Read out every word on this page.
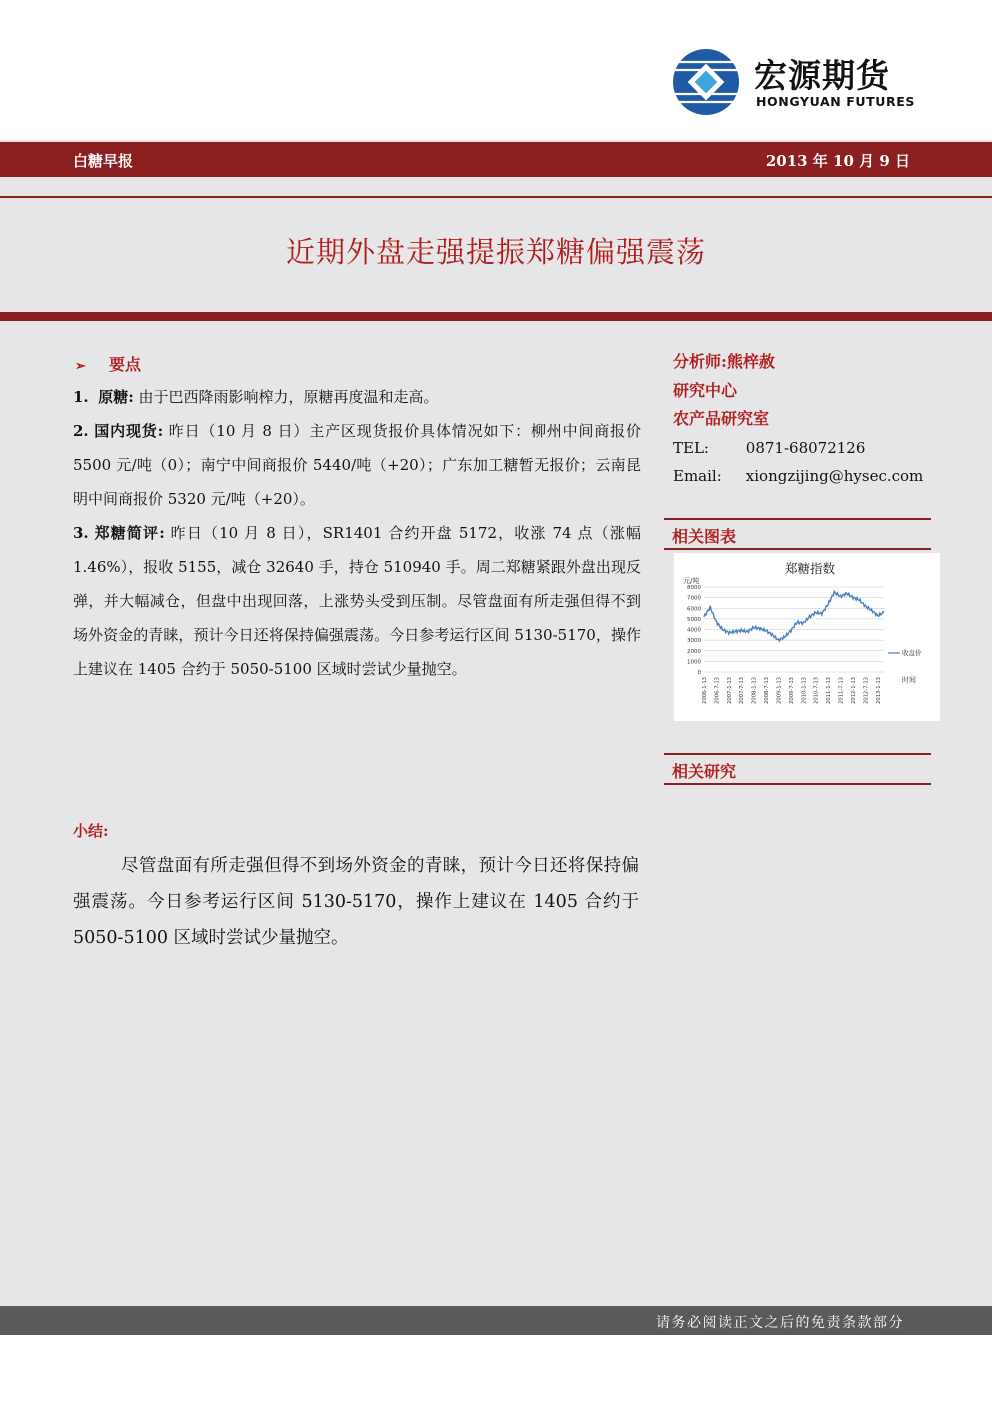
宏源期货
HONGYUAN FUTURES
白糖早报	2013 年 10 月 9 日
近期外盘走强提振郑糖偏强震荡
➢ 要点

1. 原糖: 由于巴西降雨影响榨力，原糖再度温和走高。

2. 国内现货: 昨日（10 月 8 日）主产区现货报价具体情况如下：柳州中间商报价 5500 元/吨（0）；南宁中间商报价 5440/吨（+20）；广东加工糖暂无报价；云南昆明中间商报价 5320 元/吨（+20）。

3. 郑糖简评: 昨日（10 月 8 日），SR1401 合约开盘 5172，收涨 74 点（涨幅 1.46%），报收 5155，减仓 32640 手，持仓 510940 手。周二郑糖紧跟外盘出现反弹，并大幅减仓，但盘中出现回落，上涨势头受到压制。尽管盘面有所走强但得不到场外资金的青睐，预计今日还将保持偏强震荡。今日参考运行区间 5130-5170，操作上建议在 1405 合约于 5050-5100 区域时尝试少量抛空。

小结:
尽管盘面有所走强但得不到场外资金的青睐，预计今日还将保持偏强震荡。今日参考运行区间 5130-5170，操作上建议在 1405 合约于 5050-5100 区域时尝试少量抛空。
分析师:熊梓赦
研究中心
农产品研究室
TEL: 0871-68072126
Email: xiongzijing@hysec.com
相关图表
郑糖指数
元/吨
时间
0
1000
2000
3000
4000
5000
6000
7000
8000
2006-1-13 2006-7-13 2007-1-13 2007-7-13 2008-1-13 2008-7-13 2009-1-13 2009-7-13 2010-1-13 2010-7-13 2011-1-13 2011-7-13 2012-1-13 2012-7-13 2013-1-13
收盘价
相关研究
请务必阅读正文之后的免责条款部分
